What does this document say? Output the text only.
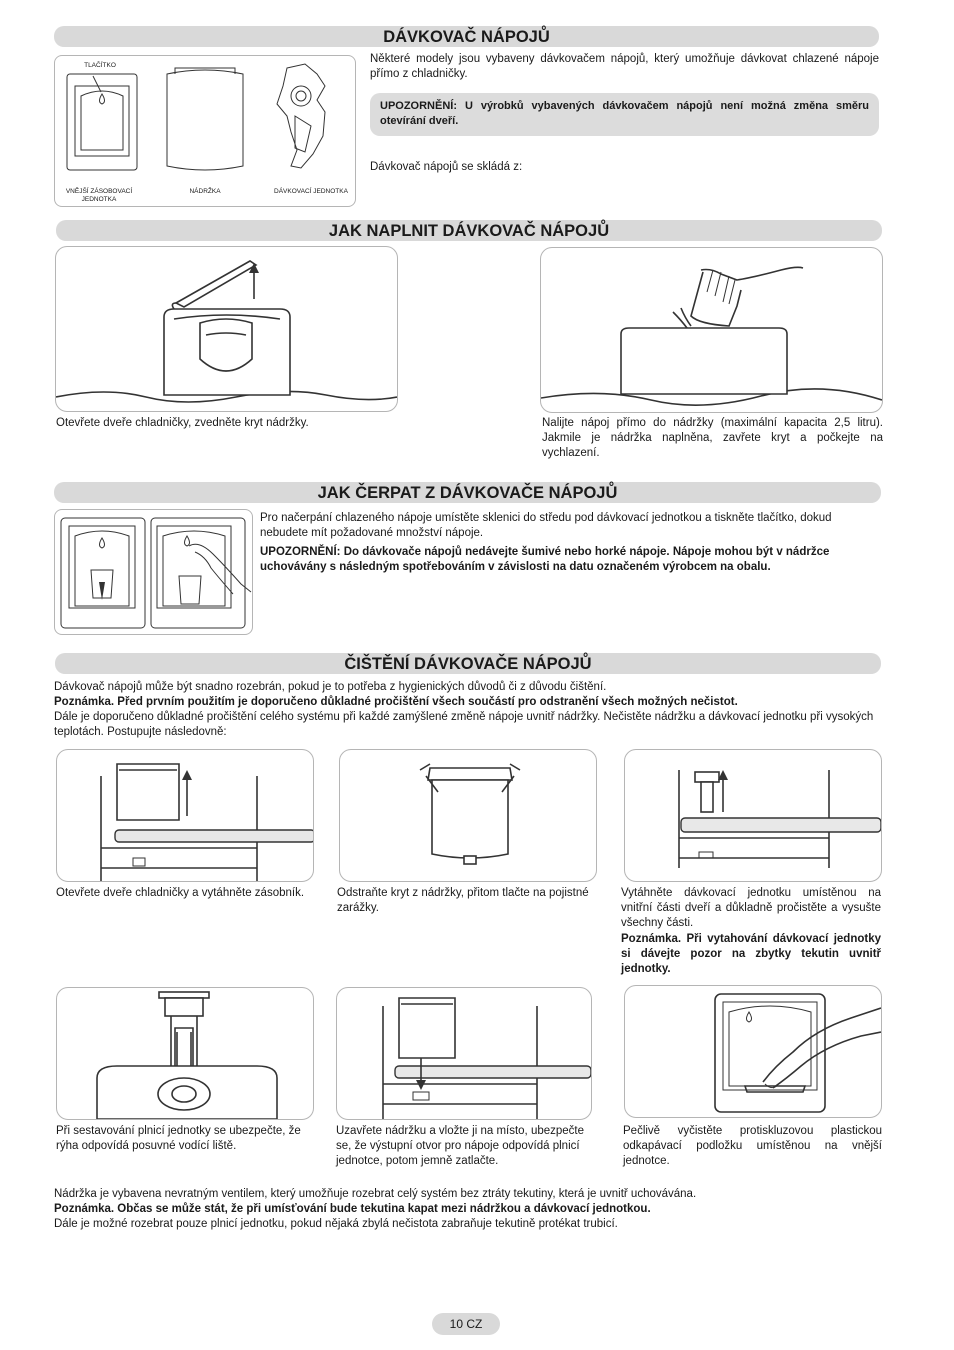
DÁVKOVAČ NÁPOJŮ
TLAČÍTKO
VNĚJŠÍ ZÁSOBOVACÍ JEDNOTKA
NÁDRŽKA	DÁVKOVACÍ JEDNOTKA
Některé modely jsou vybaveny dávkovačem nápojů, který umožňuje dávkovat chlazené nápoje přímo z chladničky.
UPOZORNĚNÍ: U výrobků vybavených dávkovačem nápojů není možná změna směru otevírání dveří.
Dávkovač nápojů se skládá z:
JAK NAPLNIT DÁVKOVAČ NÁPOJŮ
Otevřete dveře chladničky, zvedněte kryt nádržky.	Nalijte nápoj přímo do nádržky (maximální kapacita 2,5 litru). Jakmile je nádržka naplněna, zavřete kryt a počkejte na vychlazení.
JAK ČERPAT Z DÁVKOVAČE NÁPOJŮ
Pro načerpání chlazeného nápoje umístěte sklenici do středu pod dávkovací jednotkou a tiskněte tlačítko, dokud nebudete mít požadované množství nápoje.
UPOZORNĚNÍ: Do dávkovače nápojů nedávejte šumivé nebo horké nápoje. Nápoje mohou být v nádržce uchovávány s následným spotřebováním v závislosti na datu označeném výrobcem na obalu.
ČIŠTĚNÍ DÁVKOVAČE NÁPOJŮ
Dávkovač nápojů může být snadno rozebrán, pokud je to potřeba z hygienických důvodů či z důvodu čištění.
Poznámka. Před prvním použitím je doporučeno důkladné pročištění všech součástí pro odstranění všech možných nečistot.
Dále je doporučeno důkladné pročištění celého systému při každé zamýšlené změně nápoje uvnitř nádržky. Nečistěte nádržku a dávkovací jednotku při vysokých teplotách. Postupujte následovně:
Otevřete dveře chladničky a vytáhněte zásobník.	Odstraňte kryt z nádržky, přitom tlačte na pojistné zarážky.
Vytáhněte dávkovací jednotku umístěnou na vnitřní části dveří a důkladně pročistěte a vysušte všechny části.
Poznámka. Při vytahování dávkovací jednotky si dávejte pozor na zbytky tekutin uvnitř jednotky.
Při sestavování plnicí jednotky se ubezpečte, že rýha odpovídá posuvné vodící liště.
Uzavřete nádržku a vložte ji na místo, ubezpečte se, že výstupní otvor pro nápoje odpovídá plnicí jednotce, potom jemně zatlačte.
Pečlivě vyčistěte protiskluzovou plastickou odkapávací podložku umístěnou na vnější jednotce.
Nádržka je vybavena nevratným ventilem, který umožňuje rozebrat celý systém bez ztráty tekutiny, která je uvnitř uchovávána.
Poznámka. Občas se může stát, že při umísťování bude tekutina kapat mezi nádržkou a dávkovací jednotkou.
Dále je možné rozebrat pouze plnicí jednotku, pokud nějaká zbylá nečistota zabraňuje tekutině protékat trubicí.
10 CZ
